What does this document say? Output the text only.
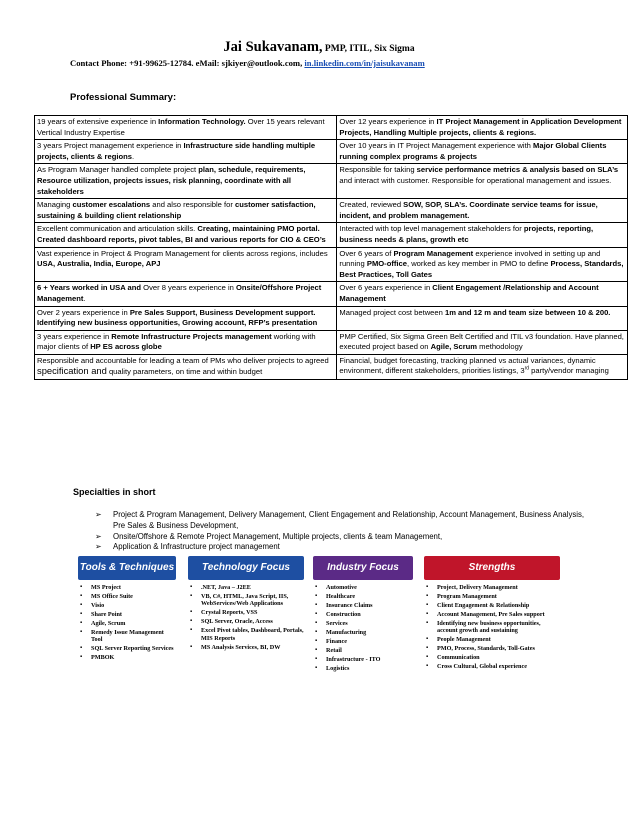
Jai Sukavanam, PMP, ITIL, Six Sigma
Contact Phone: +91-99625-12784. eMail: sjkiyer@outlook.com, in.linkedin.com/in/jaisukavanam
Professional Summary:
19 years of extensive experience in Information Technology. Over 15 years relevant Vertical Industry Expertise	Over 12 years experience in IT Project Management in Application Development Projects, Handling Multiple projects, clients & regions.
3 years Project management experience in Infrastructure side handling multiple projects, clients & regions.	Over 10 years in IT Project Management experience with Major Global Clients running complex programs & projects
As Program Manager handled complete project plan, schedule, requirements, Resource utilization, projects issues, risk planning, coordinate with all stakeholders	Responsible for taking service performance metrics & analysis based on SLA’s and interact with customer. Responsible for operational management and issues.
Managing customer escalations and also responsible for customer satisfaction, sustaining & building client relationship	Created, reviewed SOW, SOP, SLA’s. Coordinate service teams for issue, incident, and problem management.
Excellent communication and articulation skills. Creating, maintaining PMO portal. Created dashboard reports, pivot tables, BI and various reports for CIO & CEO’s	Interacted with top level management stakeholders for projects, reporting, business needs & plans, growth etc
Vast experience in Project & Program Management for clients across regions, includes USA, Australia, India, Europe, APJ	Over 6 years of Program Management experience involved in setting up and running PMO-office, worked as key member in PMO to define Process, Standards, Best Practices, Toll Gates
6 + Years worked in USA and Over 8 years experience in Onsite/Offshore Project Management.	Over 6 years experience in Client Engagement /Relationship and Account Management
Over 2 years experience in Pre Sales Support, Business Development support. Identifying new business opportunities, Growing account, RFP’s presentation	Managed project cost between 1m and 12 m and team size between 10 & 200.
3 years experience in Remote Infrastructure Projects management working with major clients of HP ES across globe	PMP Certified, Six Sigma Green Belt Certified and ITIL v3 foundation. Have planned, executed project based on Agile, Scrum methodology
Responsible and accountable for leading a team of PMs who deliver projects to agreed specification and quality parameters, on time and within budget	Financial, budget forecasting, tracking planned vs actual variances, dynamic environment, different stakeholders, priorities listings, 3rd party/vendor managing
Specialties in short
➢ Project & Program Management, Delivery Management, Client Engagement and Relationship, Account Management, Business Analysis, Pre Sales & Business Development,
➢ Onsite/Offshore & Remote Project Management, Multiple projects, clients & team Management,
➢ Application & Infrastructure project management
Tools & Techniques
▪ MS Project
▪ MS Office Suite
▪ Visio
▪ Share Point
▪ Agile, Scrum
▪ Remedy Issue Management Tool
▪ SQL Server Reporting Services
▪ PMBOK
Technology Focus
▪ .NET, Java – J2EE
▪ VB, C#, HTML, Java Script, IIS, WebServices/Web Applications
▪ Crystal Reports, VSS
▪ SQL Server, Oracle, Access
▪ Excel Pivot tables, Dashboard, Portals, MIS Reports
▪ MS Analysis Services, BI, DW
Industry Focus
▪ Automotive
▪ Healthcare
▪ Insurance Claims
▪ Construction
▪ Services
▪ Manufacturing
▪ Finance
▪ Retail
▪ Infrastructure - ITO
▪ Logistics
Strengths
▪ Project, Delivery Management
▪ Program Management
▪ Client Engagement & Relationship
▪ Account Management, Pre Sales support
▪ Identifying new business opportunities, account growth and sustaining
▪ People Management
▪ PMO, Process, Standards, Toll-Gates
▪ Communication
▪ Cross Cultural, Global experience
